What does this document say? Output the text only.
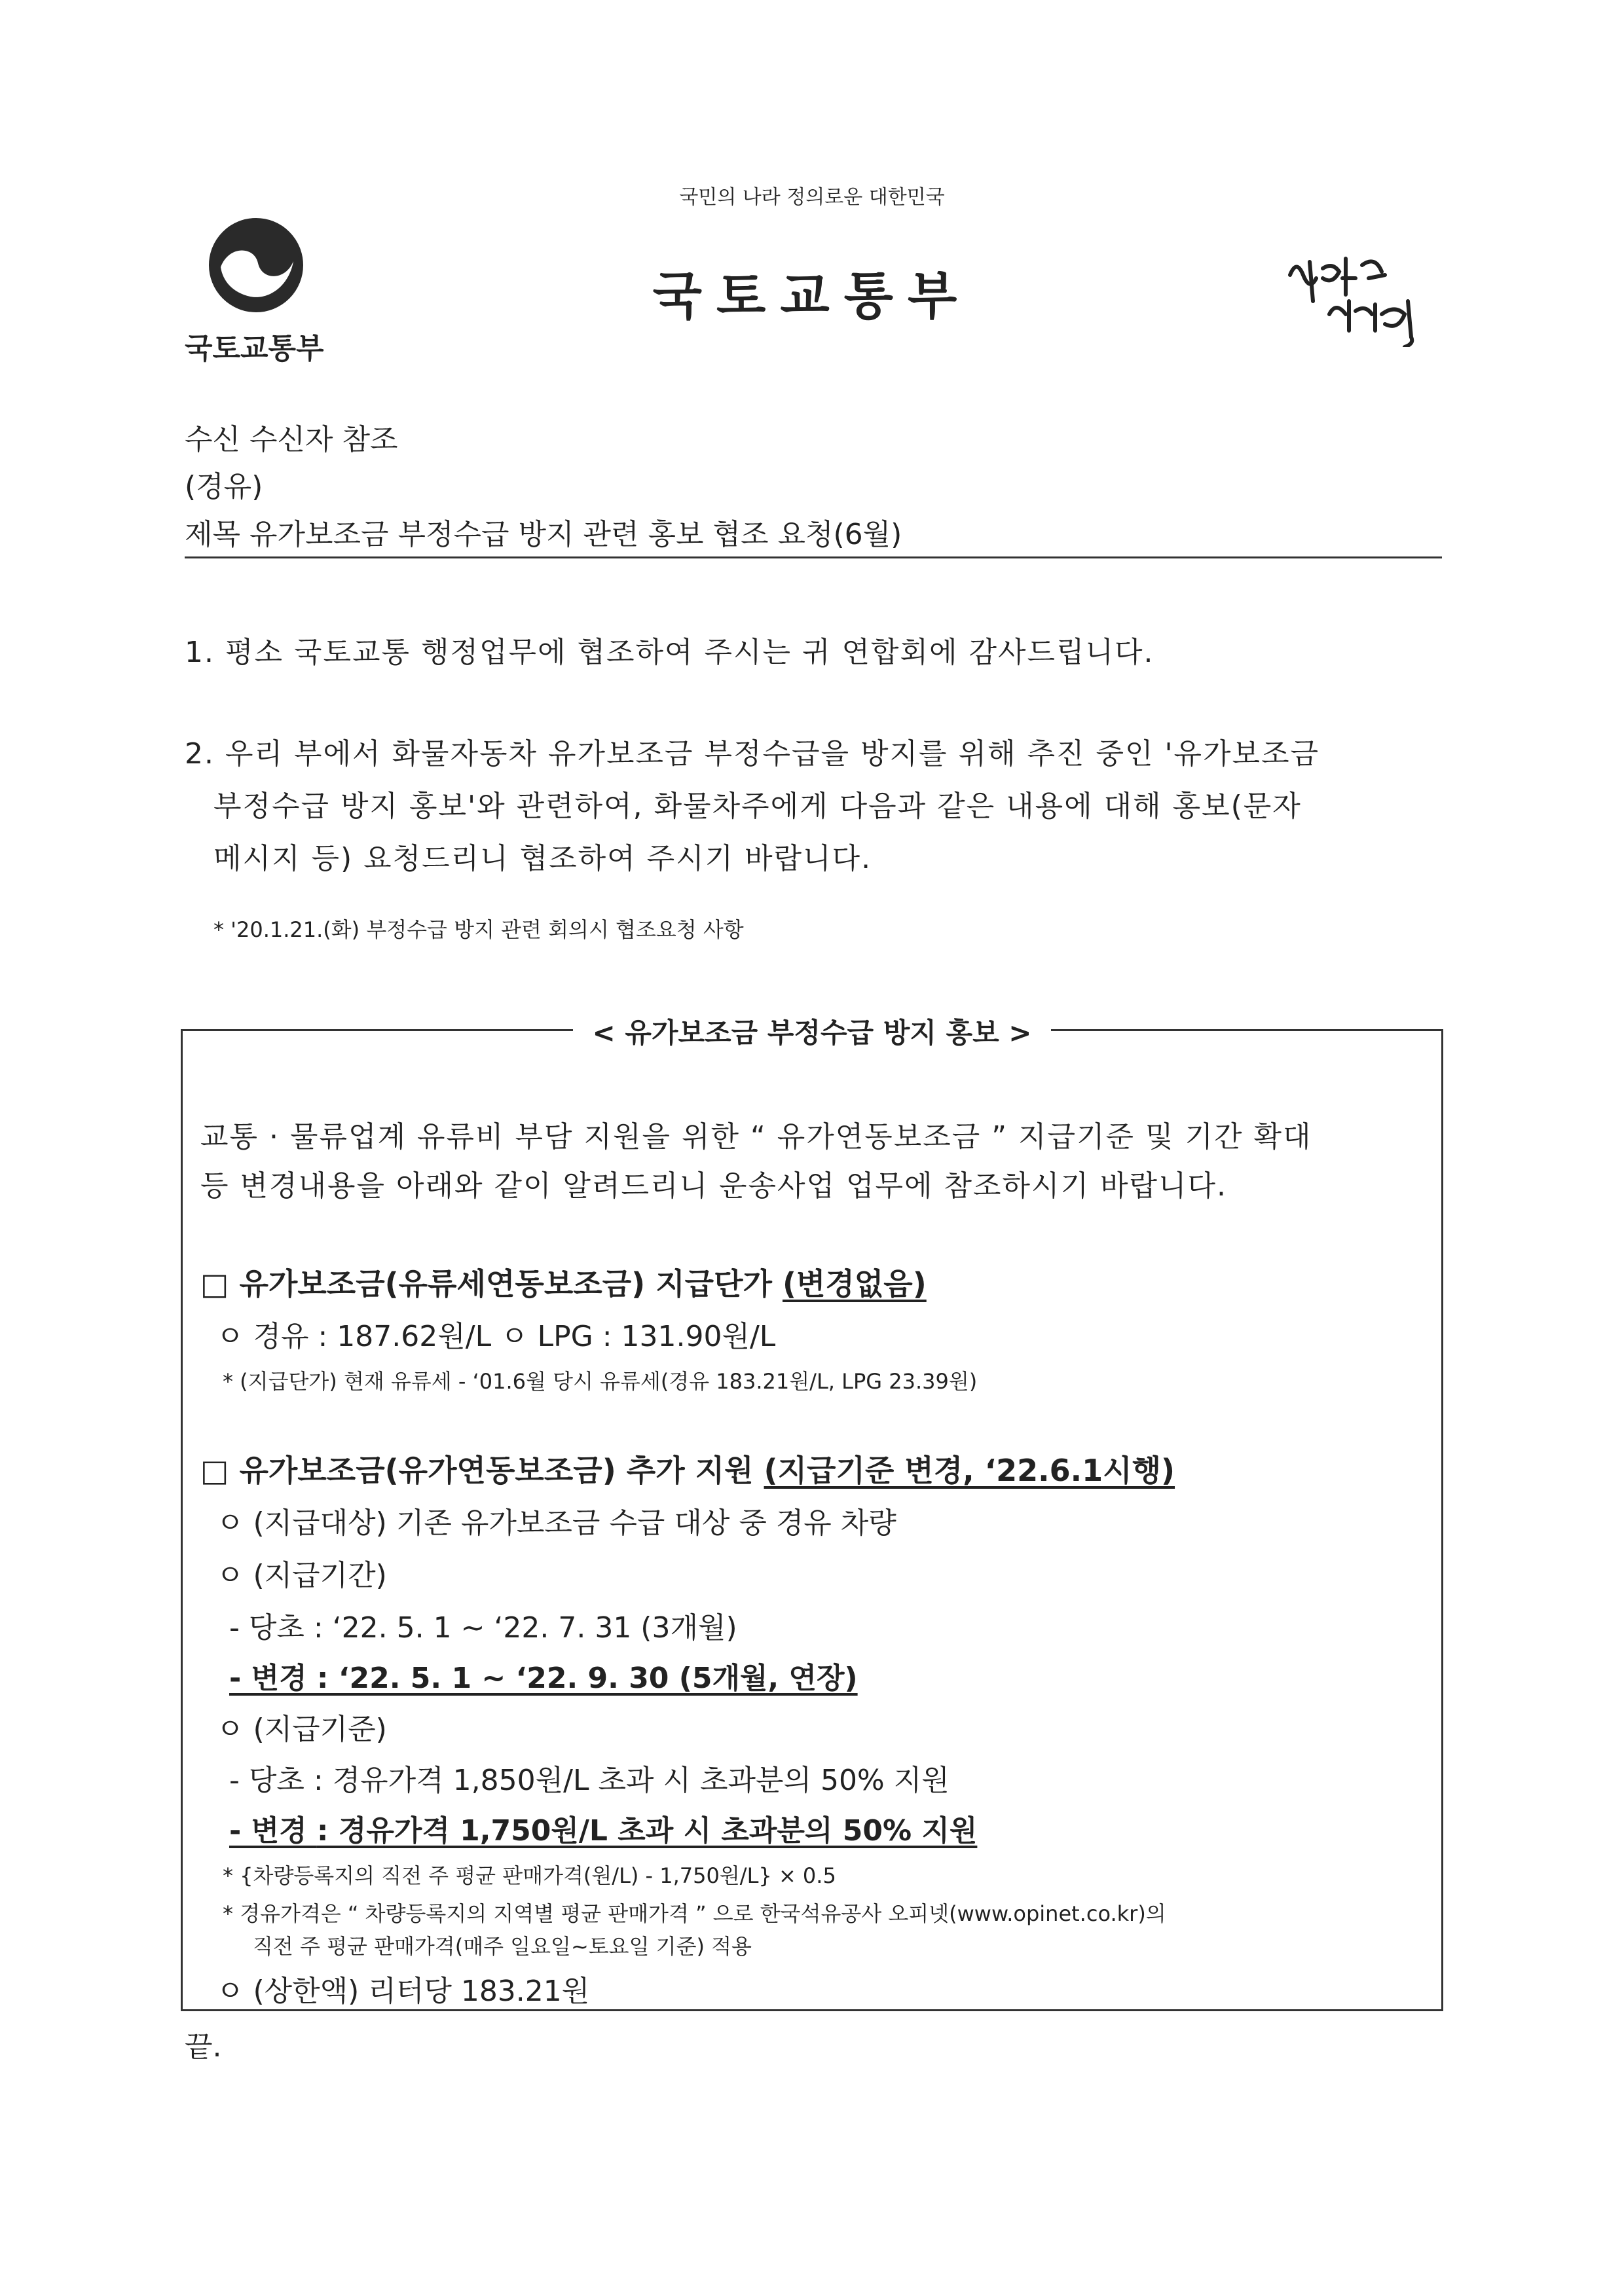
국민의 나라 정의로운 대한민국
국토교통부
국토교통부
수신 수신자 참조
(경유)
제목 유가보조금 부정수급 방지 관련 홍보 협조 요청(6월)
1. 평소 국토교통 행정업무에 협조하여 주시는 귀 연합회에 감사드립니다.
2. 우리 부에서 화물자동차 유가보조금 부정수급을 방지를 위해 추진 중인 '유가보조금
부정수급 방지 홍보'와 관련하여, 화물차주에게 다음과 같은 내용에 대해 홍보(문자
메시지 등) 요청드리니 협조하여 주시기 바랍니다.
* '20.1.21.(화) 부정수급 방지 관련 회의시 협조요청 사항
< 유가보조금 부정수급 방지 홍보 >
교통 · 물류업계 유류비 부담 지원을 위한 “ 유가연동보조금 ” 지급기준 및 기간 확대
등 변경내용을 아래와 같이 알려드리니 운송사업 업무에 참조하시기 바랍니다.
□ 유가보조금(유류세연동보조금) 지급단가 (변경없음)
ㅇ 경유 : 187.62원/L ㅇ LPG : 131.90원/L
* (지급단가) 현재 유류세 - ‘01.6월 당시 유류세(경유 183.21원/L, LPG 23.39원)
□ 유가보조금(유가연동보조금) 추가 지원 (지급기준 변경, ‘22.6.1시행)
ㅇ (지급대상) 기존 유가보조금 수급 대상 중 경유 차량
ㅇ (지급기간)
- 당초 : ‘22. 5. 1 ~ ‘22. 7. 31 (3개월)
- 변경 : ‘22. 5. 1 ~ ‘22. 9. 30 (5개월, 연장)
ㅇ (지급기준)
- 당초 : 경유가격 1,850원/L 초과 시 초과분의 50% 지원
- 변경 : 경유가격 1,750원/L 초과 시 초과분의 50% 지원
* {차량등록지의 직전 주 평균 판매가격(원/L) - 1,750원/L} × 0.5
* 경유가격은 “ 차량등록지의 지역별 평균 판매가격 ” 으로 한국석유공사 오피넷(www.opinet.co.kr)의
직전 주 평균 판매가격(매주 일요일~토요일 기준) 적용
ㅇ (상한액) 리터당 183.21원
끝.
